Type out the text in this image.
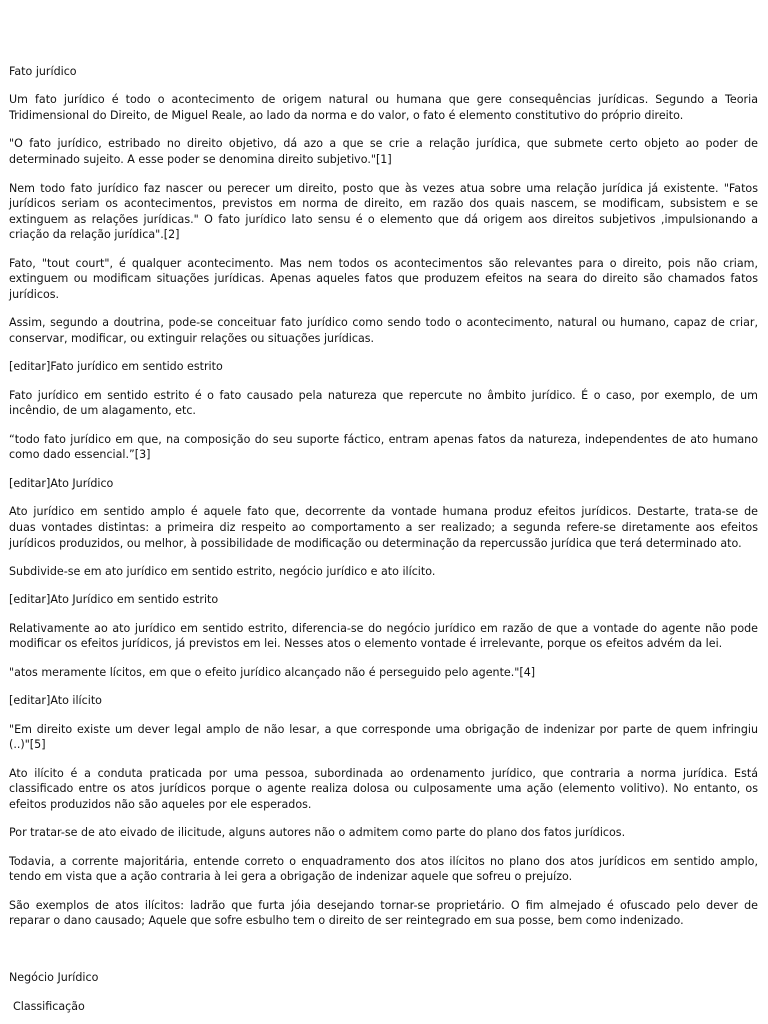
Fato jurídico
Um fato jurídico é todo o acontecimento de origem natural ou humana que gere consequências jurídicas. Segundo a Teoria
Tridimensional do Direito, de Miguel Reale, ao lado da norma e do valor, o fato é elemento constitutivo do próprio direito.
"O fato jurídico, estribado no direito objetivo, dá azo a que se crie a relação jurídica, que submete certo objeto ao poder de
determinado sujeito. A esse poder se denomina direito subjetivo."[1]
Nem todo fato jurídico faz nascer ou perecer um direito, posto que às vezes atua sobre uma relação jurídica já existente. "Fatos
jurídicos seriam os acontecimentos, previstos em norma de direito, em razão dos quais nascem, se modificam, subsistem e se
extinguem as relações jurídicas." O fato jurídico lato sensu é o elemento que dá origem aos direitos subjetivos ,impulsionando a
criação da relação jurídica".[2]
Fato, "tout court", é qualquer acontecimento. Mas nem todos os acontecimentos são relevantes para o direito, pois não criam,
extinguem ou modificam situações jurídicas. Apenas aqueles fatos que produzem efeitos na seara do direito são chamados fatos
jurídicos.
Assim, segundo a doutrina, pode-se conceituar fato jurídico como sendo todo o acontecimento, natural ou humano, capaz de criar,
conservar, modificar, ou extinguir relações ou situações jurídicas.
[editar]Fato jurídico em sentido estrito
Fato jurídico em sentido estrito é o fato causado pela natureza que repercute no âmbito jurídico. É o caso, por exemplo, de um
incêndio, de um alagamento, etc.
“todo fato jurídico em que, na composição do seu suporte fáctico, entram apenas fatos da natureza, independentes de ato humano
como dado essencial.”[3]
[editar]Ato Jurídico
Ato jurídico em sentido amplo é aquele fato que, decorrente da vontade humana produz efeitos jurídicos. Destarte, trata-se de
duas vontades distintas: a primeira diz respeito ao comportamento a ser realizado; a segunda refere-se diretamente aos efeitos
jurídicos produzidos, ou melhor, à possibilidade de modificação ou determinação da repercussão jurídica que terá determinado ato.
Subdivide-se em ato jurídico em sentido estrito, negócio jurídico e ato ilícito.
[editar]Ato Jurídico em sentido estrito
Relativamente ao ato jurídico em sentido estrito, diferencia-se do negócio jurídico em razão de que a vontade do agente não pode
modificar os efeitos jurídicos, já previstos em lei. Nesses atos o elemento vontade é irrelevante, porque os efeitos advém da lei.
"atos meramente lícitos, em que o efeito jurídico alcançado não é perseguido pelo agente."[4]
[editar]Ato ilícito
"Em direito existe um dever legal amplo de não lesar, a que corresponde uma obrigação de indenizar por parte de quem infringiu
(..)"[5]
Ato ilícito é a conduta praticada por uma pessoa, subordinada ao ordenamento jurídico, que contraria a norma jurídica. Está
classificado entre os atos jurídicos porque o agente realiza dolosa ou culposamente uma ação (elemento volitivo). No entanto, os
efeitos produzidos não são aqueles por ele esperados.
Por tratar-se de ato eivado de ilicitude, alguns autores não o admitem como parte do plano dos fatos jurídicos.
Todavia, a corrente majoritária, entende correto o enquadramento dos atos ilícitos no plano dos atos jurídicos em sentido amplo,
tendo em vista que a ação contraria à lei gera a obrigação de indenizar aquele que sofreu o prejuízo.
São exemplos de atos ilícitos: ladrão que furta jóia desejando tornar-se proprietário. O fim almejado é ofuscado pelo dever de
reparar o dano causado; Aquele que sofre esbulho tem o direito de ser reintegrado em sua posse, bem como indenizado.
Negócio Jurídico
Classificação
